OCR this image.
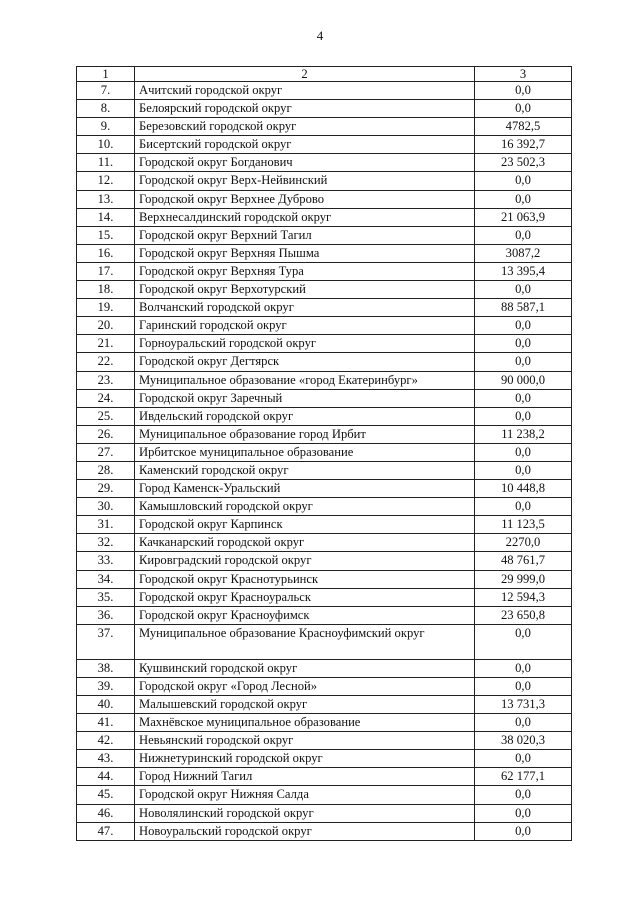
4
1	2	3
7.	Ачитский городской округ	0,0
8.	Белоярский городской округ	0,0
9.	Березовский городской округ	4782,5
10.	Бисертский городской округ	16 392,7
11.	Городской округ Богданович	23 502,3
12.	Городской округ Верх-Нейвинский	0,0
13.	Городской округ Верхнее Дуброво	0,0
14.	Верхнесалдинский городской округ	21 063,9
15.	Городской округ Верхний Тагил	0,0
16.	Городской округ Верхняя Пышма	3087,2
17.	Городской округ Верхняя Тура	13 395,4
18.	Городской округ Верхотурский	0,0
19.	Волчанский городской округ	88 587,1
20.	Гаринский городской округ	0,0
21.	Горноуральский городской округ	0,0
22.	Городской округ Дегтярск	0,0
23.	Муниципальное образование «город Екатеринбург»	90 000,0
24.	Городской округ Заречный	0,0
25.	Ивдельский городской округ	0,0
26.	Муниципальное образование город Ирбит	11 238,2
27.	Ирбитское муниципальное образование	0,0
28.	Каменский городской округ	0,0
29.	Город Каменск-Уральский	10 448,8
30.	Камышловский городской округ	0,0
31.	Городской округ Карпинск	11 123,5
32.	Качканарский городской округ	2270,0
33.	Кировградский городской округ	48 761,7
34.	Городской округ Краснотурьинск	29 999,0
35.	Городской округ Красноуральск	12 594,3
36.	Городской округ Красноуфимск	23 650,8
37.	Муниципальное образование Красноуфимский округ	0,0
38.	Кушвинский городской округ	0,0
39.	Городской округ «Город Лесной»	0,0
40.	Малышевский городской округ	13 731,3
41.	Махнёвское муниципальное образование	0,0
42.	Невьянский городской округ	38 020,3
43.	Нижнетуринский городской округ	0,0
44.	Город Нижний Тагил	62 177,1
45.	Городской округ Нижняя Салда	0,0
46.	Новолялинский городской округ	0,0
47.	Новоуральский городской округ	0,0
